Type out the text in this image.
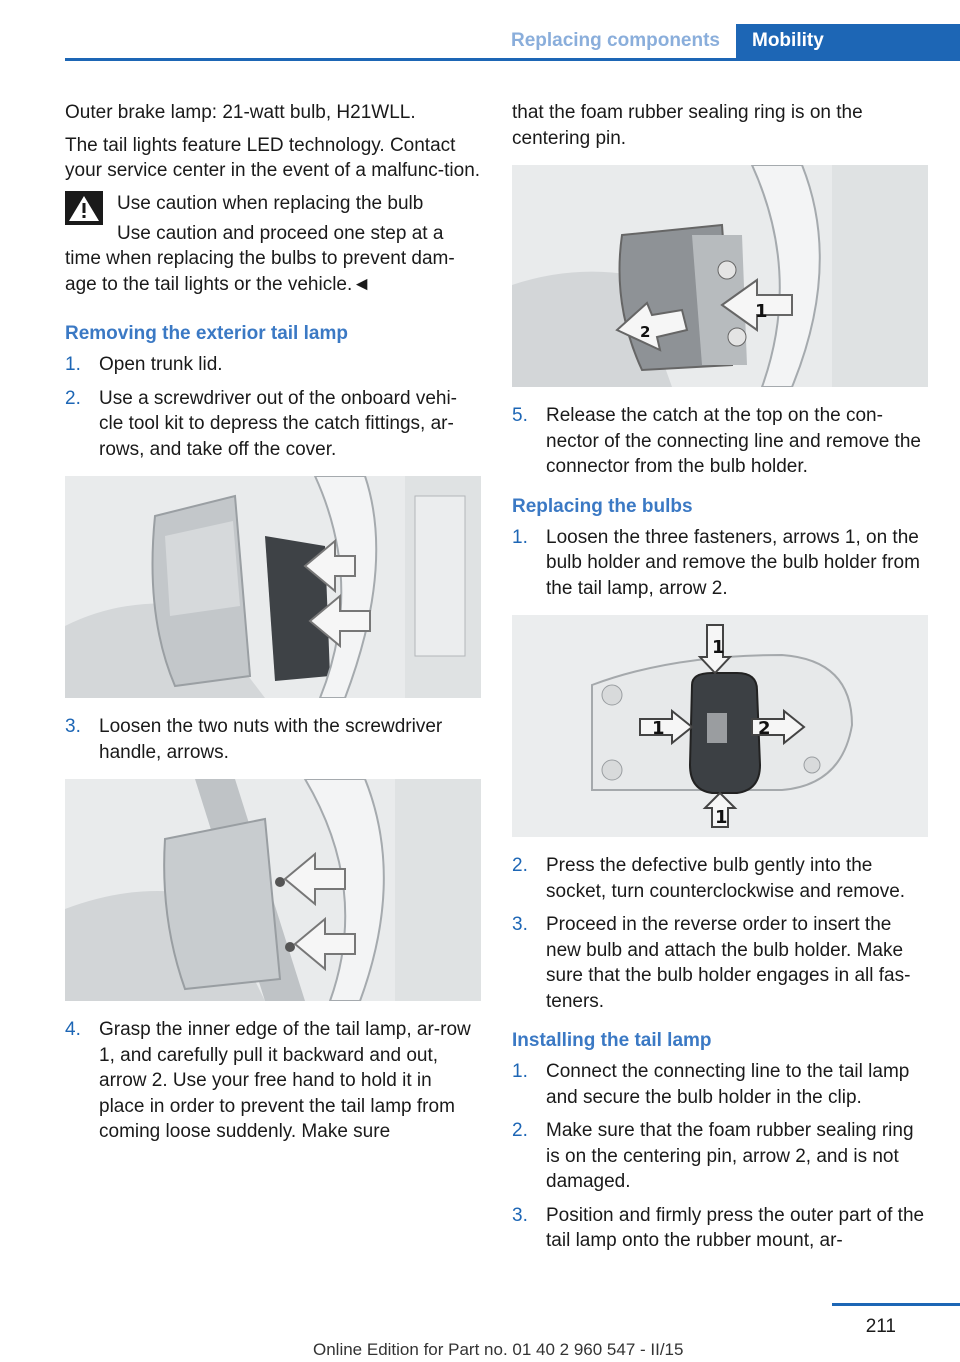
Replacing components	Mobility

Outer brake lamp: 21-watt bulb, H21WLL.

The tail lights feature LED technology. Contact your service center in the event of a malfunc-tion.

Use caution when replacing the bulb

Use caution and proceed one step at a time when replacing the bulbs to prevent dam-age to the tail lights or the vehicle.◄

Removing the exterior tail lamp
1. Open trunk lid.
2. Use a screwdriver out of the onboard vehi-cle tool kit to depress the catch fittings, ar-rows, and take off the cover.
3. Loosen the two nuts with the screwdriver handle, arrows.
4. Grasp the inner edge of the tail lamp, ar-row 1, and carefully pull it backward and out, arrow 2. Use your free hand to hold it in place in order to prevent the tail lamp from coming loose suddenly. Make sure

that the foam rubber sealing ring is on the centering pin.

1
2
5. Release the catch at the top on the con-nector of the connecting line and remove the connector from the bulb holder.
Replacing the bulbs
1. Loosen the three fasteners, arrows 1, on the bulb holder and remove the bulb holder from the tail lamp, arrow 2.
1
1	2
1
2. Press the defective bulb gently into the socket, turn counterclockwise and remove.
3. Proceed in the reverse order to insert the new bulb and attach the bulb holder. Make sure that the bulb holder engages in all fas-teners.
Installing the tail lamp
1. Connect the connecting line to the tail lamp and secure the bulb holder in the clip.
2. Make sure that the foam rubber sealing ring is on the centering pin, arrow 2, and is not damaged.
3. Position and firmly press the outer part of the tail lamp onto the rubber mount, ar-
211
Online Edition for Part no. 01 40 2 960 547 - II/15
